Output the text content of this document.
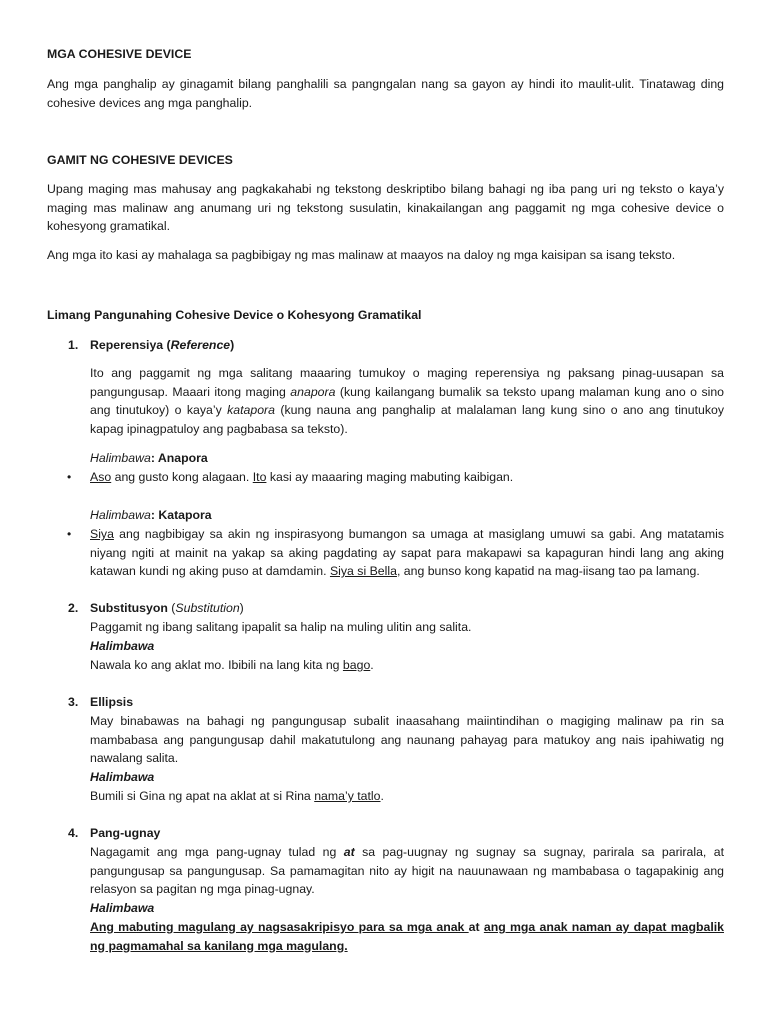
MGA COHESIVE DEVICE

Ang mga panghalip ay ginagamit bilang panghalili sa pangngalan nang sa gayon ay hindi ito maulit-ulit. Tinatawag ding cohesive devices ang mga panghalip.

GAMIT NG COHESIVE DEVICES

Upang maging mas mahusay ang pagkakahabi ng tekstong deskriptibo bilang bahagi ng iba pang uri ng teksto o kaya’y maging mas malinaw ang anumang uri ng tekstong susulatin, kinakailangan ang paggamit ng mga cohesive device o kohesyong gramatikal.

Ang mga ito kasi ay mahalaga sa pagbibigay ng mas malinaw at maayos na daloy ng mga kaisipan sa isang teksto.

Limang Pangunahing Cohesive Device o Kohesyong Gramatikal
1. Reperensiya (Reference)

Ito ang paggamit ng mga salitang maaaring tumukoy o maging reperensiya ng paksang pinag-uusapan sa pangungusap. Maaari itong maging anapora (kung kailangang bumalik sa teksto upang malaman kung ano o sino ang tinutukoy) o kaya’y katapora (kung nauna ang panghalip at malalaman lang kung sino o ano ang tinutukoy kapag ipinagpatuloy ang pagbabasa sa teksto).

Halimbawa: Anapora
• Aso ang gusto kong alagaan. Ito kasi ay maaaring maging mabuting kaibigan.

Halimbawa: Katapora
• Siya ang nagbibigay sa akin ng inspirasyong bumangon sa umaga at masiglang umuwi sa gabi. Ang matatamis niyang ngiti at mainit na yakap sa aking pagdating ay sapat para makapawi sa kapaguran hindi lang ang aking katawan kundi ng aking puso at damdamin. Siya si Bella, ang bunso kong kapatid na mag-iisang tao pa lamang.

2. Substitusyon (Substitution)

Paggamit ng ibang salitang ipapalit sa halip na muling ulitin ang salita.

Halimbawa

Nawala ko ang aklat mo. Ibibili na lang kita ng bago.

3. Ellipsis

May binabawas na bahagi ng pangungusap subalit inaasahang maiintindihan o magiging malinaw pa rin sa mambabasa ang pangungusap dahil makatutulong ang naunang pahayag para matukoy ang nais ipahiwatig ng nawalang salita.

Halimbawa

Bumili si Gina ng apat na aklat at si Rina nama’y tatlo.

4. Pang-ugnay

Nagagamit ang mga pang-ugnay tulad ng at sa pag-uugnay ng sugnay sa sugnay, parirala sa parirala, at pangungusap sa pangungusap. Sa pamamagitan nito ay higit na nauunawaan ng mambabasa o tagapakinig ang relasyon sa pagitan ng mga pinag-ugnay.

Halimbawa

Ang mabuting magulang ay nagsasakripisyo para sa mga anak at ang mga anak naman ay dapat magbalik ng pagmamahal sa kanilang mga magulang.
